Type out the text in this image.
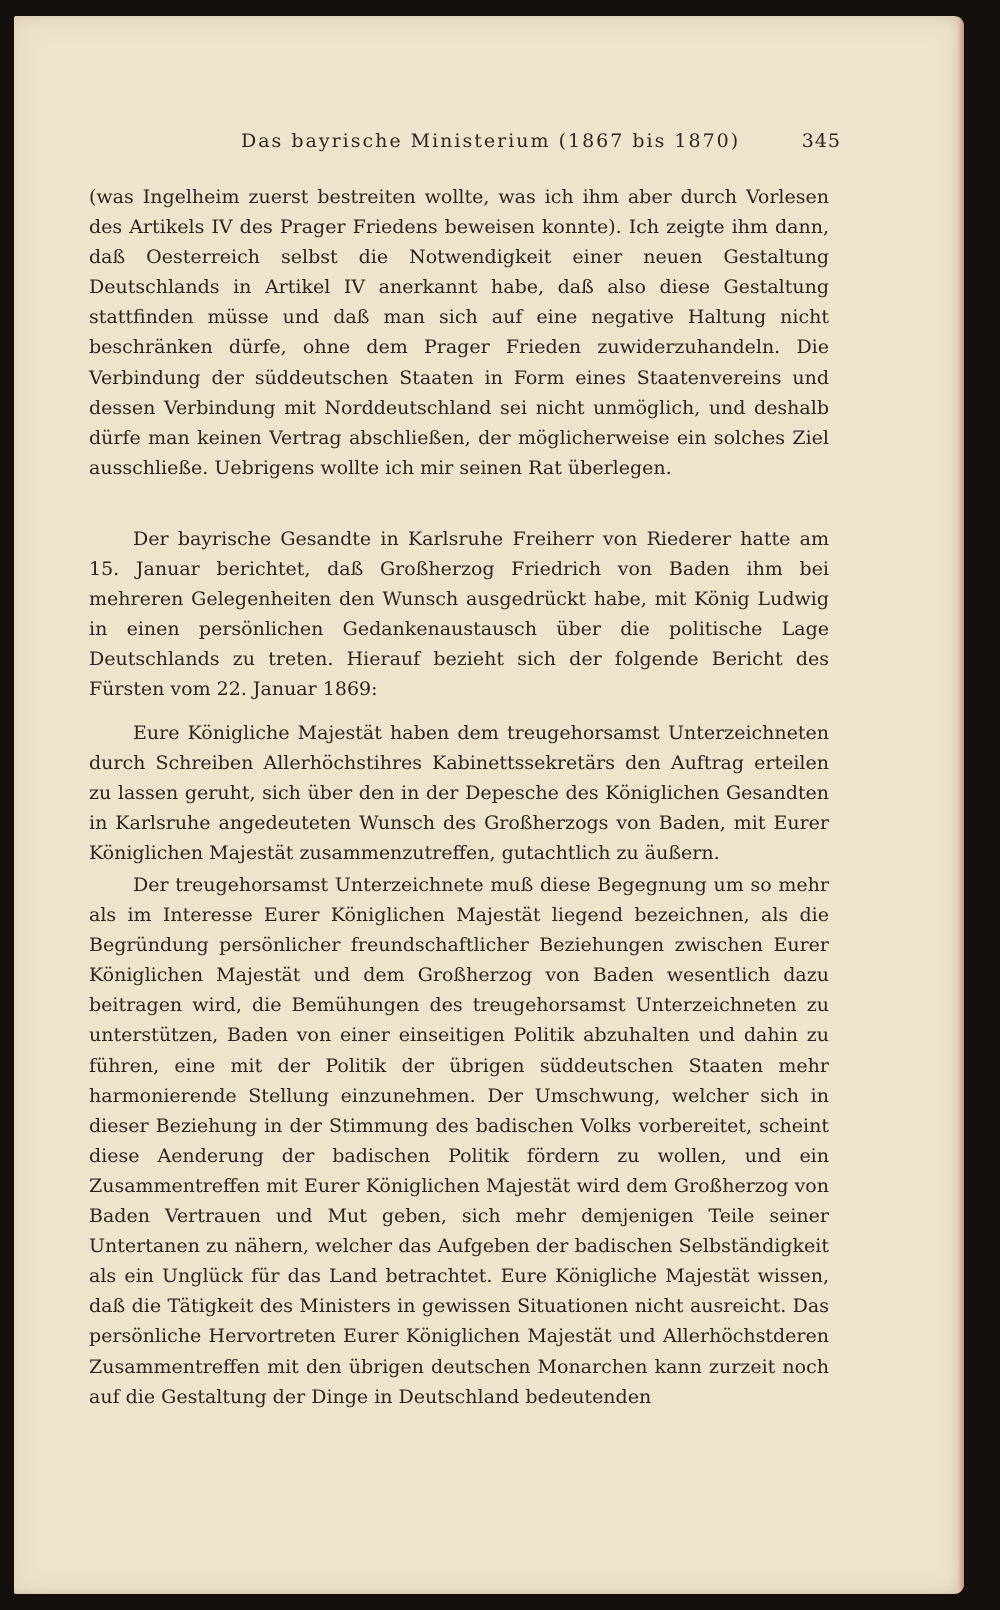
Das bayrische Ministerium (1867 bis 1870)	345

(was Ingelheim zuerst bestreiten wollte, was ich ihm aber durch Vorlesen des Artikels IV des Prager Friedens beweisen konnte). Ich zeigte ihm dann, daß Oesterreich selbst die Notwendigkeit einer neuen Gestaltung Deutschlands in Artikel IV anerkannt habe, daß also diese Gestaltung stattfinden müsse und daß man sich auf eine negative Haltung nicht beschränken dürfe, ohne dem Prager Frieden zuwiderzuhandeln. Die Verbindung der süddeutschen Staaten in Form eines Staatenvereins und dessen Verbindung mit Norddeutschland sei nicht unmöglich, und deshalb dürfe man keinen Vertrag abschließen, der möglicherweise ein solches Ziel ausschließe. Uebrigens wollte ich mir seinen Rat überlegen.

Der bayrische Gesandte in Karlsruhe Freiherr von Riederer hatte am 15. Januar berichtet, daß Großherzog Friedrich von Baden ihm bei mehreren Gelegenheiten den Wunsch ausgedrückt habe, mit König Ludwig in einen persönlichen Gedankenaustausch über die politische Lage Deutschlands zu treten. Hierauf bezieht sich der folgende Bericht des Fürsten vom 22. Januar 1869:

Eure Königliche Majestät haben dem treugehorsamst Unterzeichneten durch Schreiben Allerhöchstihres Kabinettssekretärs den Auftrag erteilen zu lassen geruht, sich über den in der Depesche des Königlichen Gesandten in Karlsruhe angedeuteten Wunsch des Großherzogs von Baden, mit Eurer Königlichen Majestät zusammenzutreffen, gutachtlich zu äußern.

Der treugehorsamst Unterzeichnete muß diese Begegnung um so mehr als im Interesse Eurer Königlichen Majestät liegend bezeichnen, als die Begründung persönlicher freundschaftlicher Beziehungen zwischen Eurer Königlichen Majestät und dem Großherzog von Baden wesentlich dazu beitragen wird, die Bemühungen des treugehorsamst Unterzeichneten zu unterstützen, Baden von einer einseitigen Politik abzuhalten und dahin zu führen, eine mit der Politik der übrigen süddeutschen Staaten mehr harmonierende Stellung einzunehmen. Der Umschwung, welcher sich in dieser Beziehung in der Stimmung des badischen Volks vorbereitet, scheint diese Aenderung der badischen Politik fördern zu wollen, und ein Zusammentreffen mit Eurer Königlichen Majestät wird dem Großherzog von Baden Vertrauen und Mut geben, sich mehr demjenigen Teile seiner Untertanen zu nähern, welcher das Aufgeben der badischen Selbständigkeit als ein Unglück für das Land betrachtet. Eure Königliche Majestät wissen, daß die Tätigkeit des Ministers in gewissen Situationen nicht ausreicht. Das persönliche Hervortreten Eurer Königlichen Majestät und Allerhöchstderen Zusammentreffen mit den übrigen deutschen Monarchen kann zurzeit noch auf die Gestaltung der Dinge in Deutschland bedeutenden
